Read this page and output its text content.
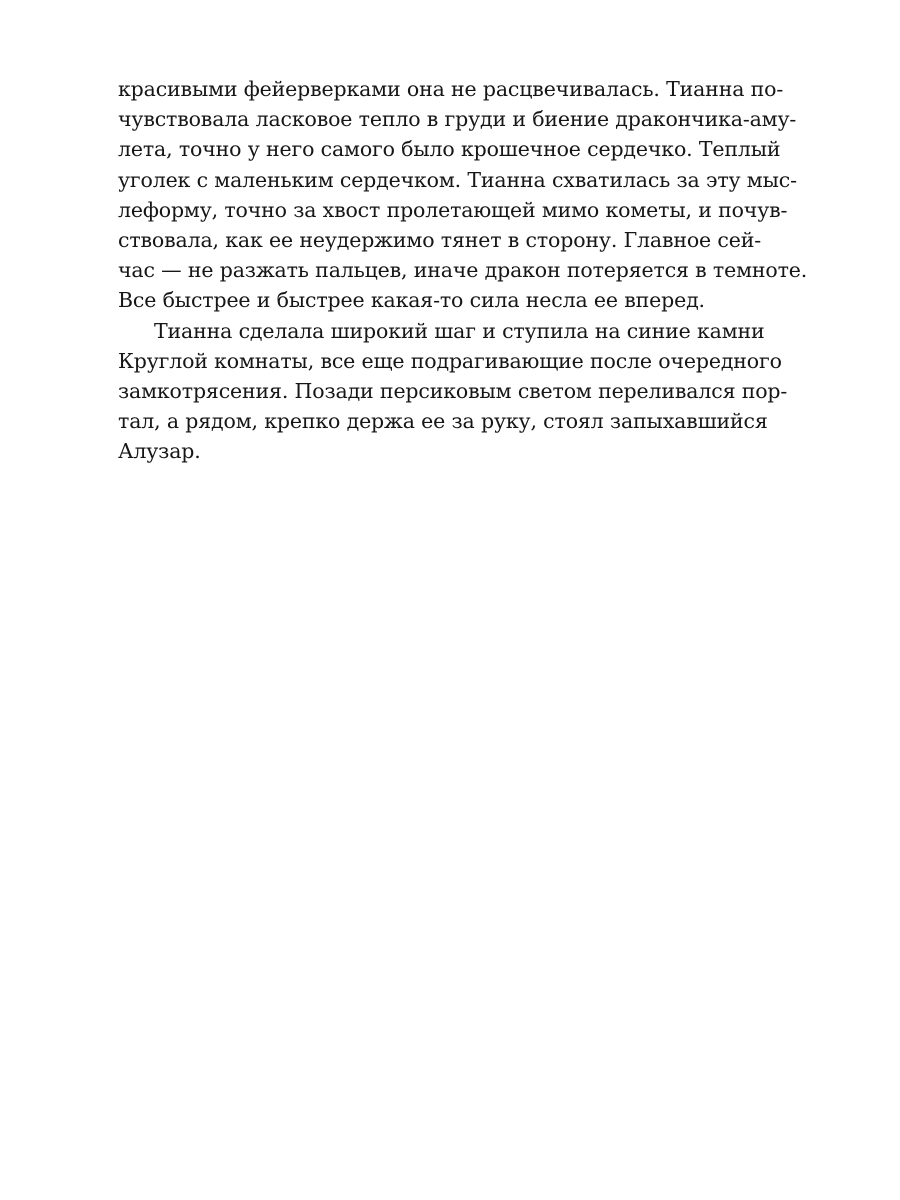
красивыми фейерверками она не расцвечивалась. Тианна по-
чувствовала ласковое тепло в груди и биение дракончика-аму-
лета, точно у него самого было крошечное сердечко. Теплый
уголек с маленьким сердечком. Тианна схватилась за эту мыс-
леформу, точно за хвост пролетающей мимо кометы, и почув-
ствовала, как ее неудержимо тянет в сторону. Главное сей-
час — не разжать пальцев, иначе дракон потеряется в темноте.
Все быстрее и быстрее какая-то сила несла ее вперед.
Тианна сделала широкий шаг и ступила на синие камни
Круглой комнаты, все еще подрагивающие после очередного
замкотрясения. Позади персиковым светом переливался пор-
тал, а рядом, крепко держа ее за руку, стоял запыхавшийся
Алузар.
